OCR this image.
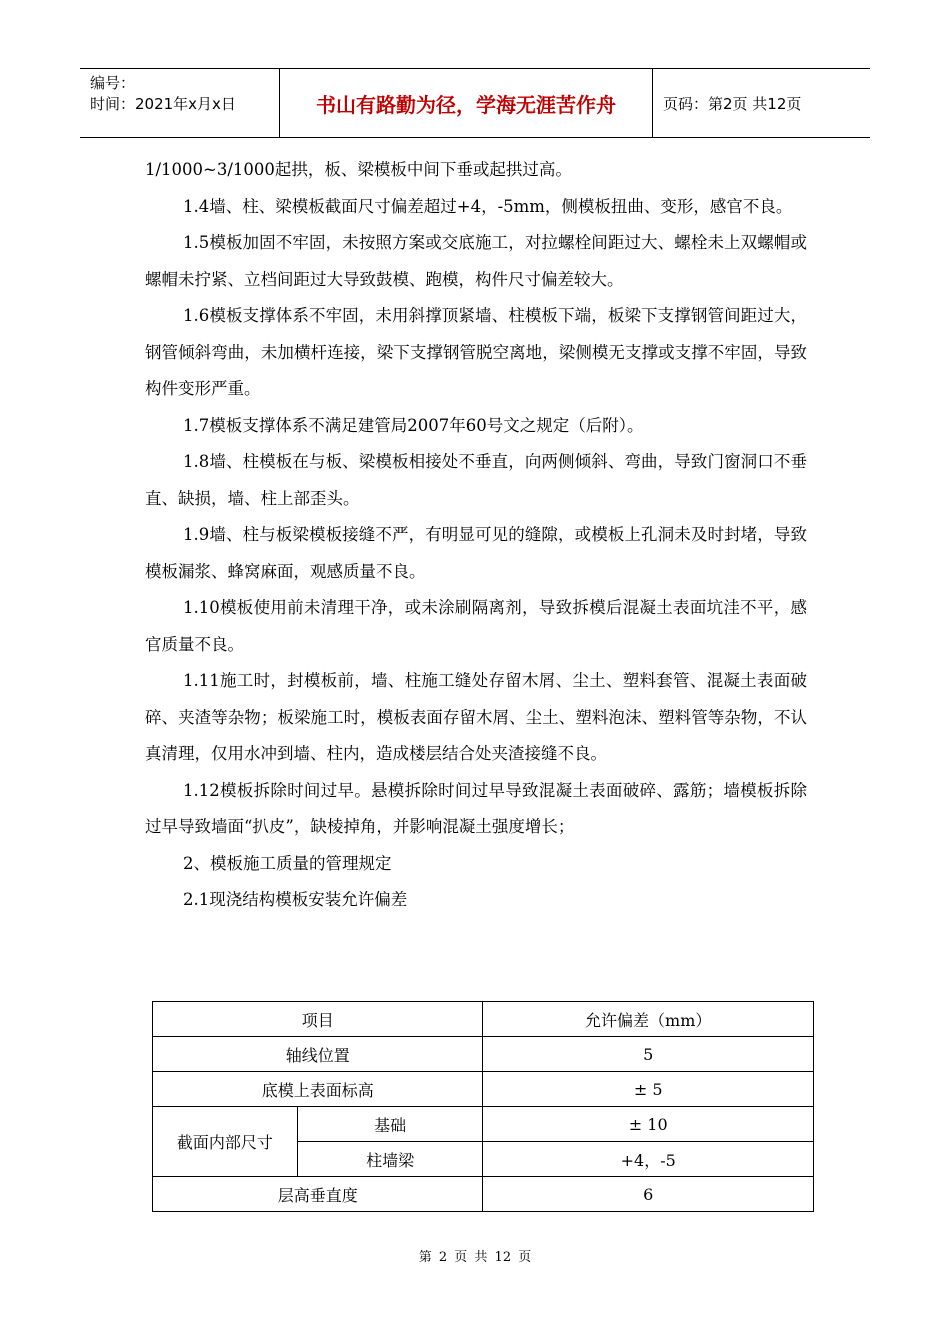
编号：
时间：2021年x月x日	书山有路勤为径，学海无涯苦作舟	页码：第2页 共12页

1/1000~3/1000起拱，板、梁模板中间下垂或起拱过高。

1.4墙、柱、梁模板截面尺寸偏差超过+4，-5mm，侧模板扭曲、变形，感官不良。

1.5模板加固不牢固，未按照方案或交底施工，对拉螺栓间距过大、螺栓未上双螺帽或螺帽未拧紧、立档间距过大导致鼓模、跑模，构件尺寸偏差较大。

1.6模板支撑体系不牢固，未用斜撑顶紧墙、柱模板下端，板梁下支撑钢管间距过大，钢管倾斜弯曲，未加横杆连接，梁下支撑钢管脱空离地，梁侧模无支撑或支撑不牢固，导致构件变形严重。

1.7模板支撑体系不满足建管局2007年60号文之规定（后附）。

1.8墙、柱模板在与板、梁模板相接处不垂直，向两侧倾斜、弯曲，导致门窗洞口不垂直、缺损，墙、柱上部歪头。

1.9墙、柱与板梁模板接缝不严，有明显可见的缝隙，或模板上孔洞未及时封堵，导致模板漏浆、蜂窝麻面，观感质量不良。

1.10模板使用前未清理干净，或未涂刷隔离剂，导致拆模后混凝土表面坑洼不平，感官质量不良。

1.11施工时，封模板前，墙、柱施工缝处存留木屑、尘土、塑料套管、混凝土表面破碎、夹渣等杂物；板梁施工时，模板表面存留木屑、尘土、塑料泡沫、塑料管等杂物，不认真清理，仅用水冲到墙、柱内，造成楼层结合处夹渣接缝不良。

1.12模板拆除时间过早。悬模拆除时间过早导致混凝土表面破碎、露筋；墙模板拆除过早导致墙面“扒皮”，缺棱掉角，并影响混凝土强度增长；

2、模板施工质量的管理规定

2.1现浇结构模板安装允许偏差

项目		允许偏差（mm）
轴线位置		5
底模上表面标高		± 5
截面内部尺寸	基础	± 10
	柱墙梁	+4，-5
层高垂直度		6
第 2 页 共 12 页
